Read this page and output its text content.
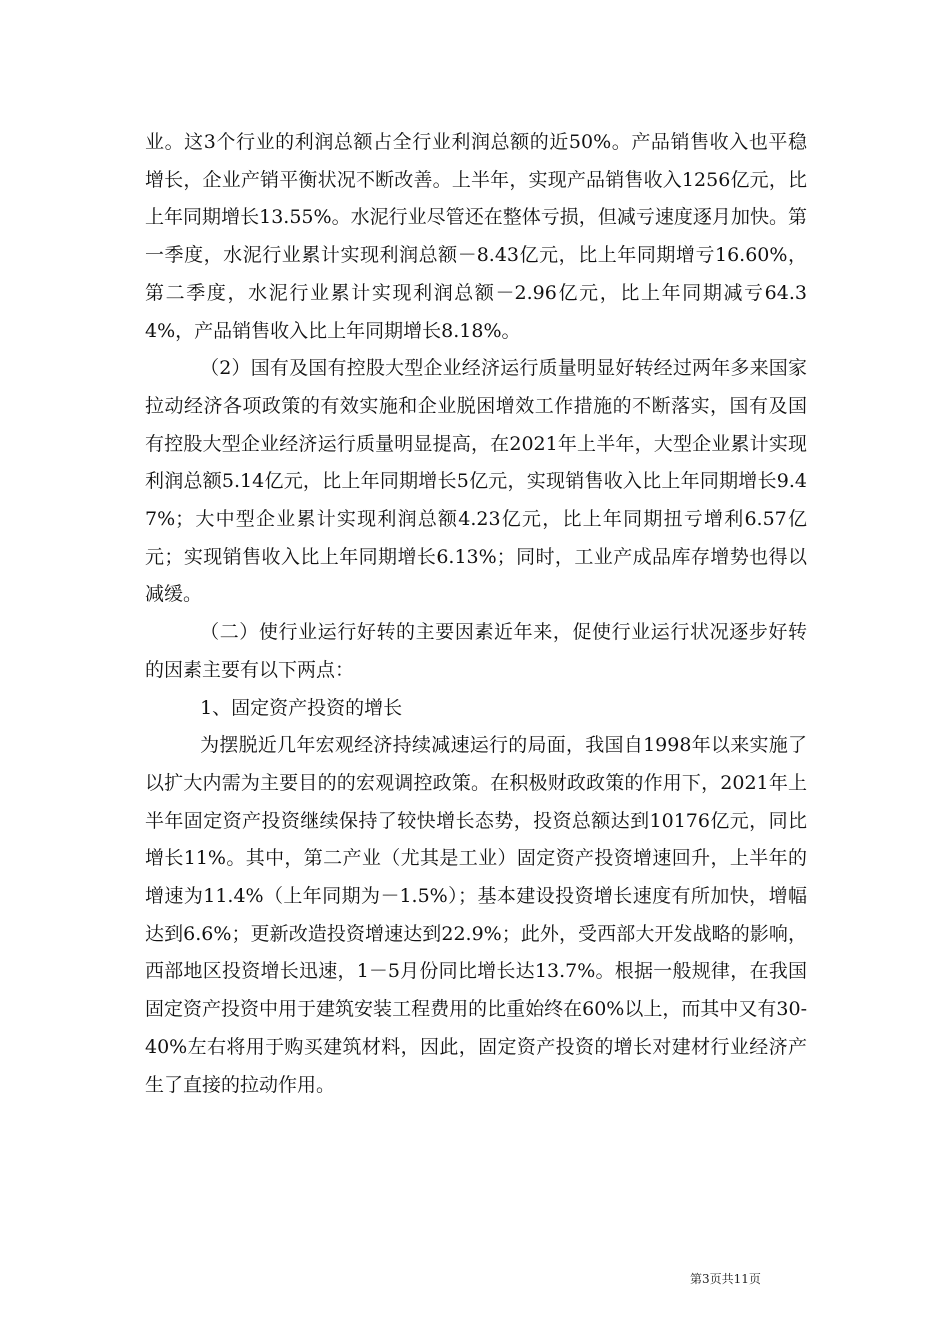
业。这3个行业的利润总额占全行业利润总额的近50%。产品销售收入也平稳增长，企业产销平衡状况不断改善。上半年，实现产品销售收入1256亿元，比上年同期增长13.55%。水泥行业尽管还在整体亏损，但减亏速度逐月加快。第一季度，水泥行业累计实现利润总额－8.43亿元，比上年同期增亏16.60%，第二季度，水泥行业累计实现利润总额－2.96亿元，比上年同期减亏64.34%，产品销售收入比上年同期增长8.18%。

（2）国有及国有控股大型企业经济运行质量明显好转经过两年多来国家拉动经济各项政策的有效实施和企业脱困增效工作措施的不断落实，国有及国有控股大型企业经济运行质量明显提高，在2021年上半年，大型企业累计实现利润总额5.14亿元，比上年同期增长5亿元，实现销售收入比上年同期增长9.47%；大中型企业累计实现利润总额4.23亿元，比上年同期扭亏增利6.57亿元；实现销售收入比上年同期增长6.13%；同时，工业产成品库存增势也得以减缓。

（二）使行业运行好转的主要因素近年来，促使行业运行状况逐步好转的因素主要有以下两点：

1、固定资产投资的增长

为摆脱近几年宏观经济持续减速运行的局面，我国自1998年以来实施了以扩大内需为主要目的的宏观调控政策。在积极财政政策的作用下，2021年上半年固定资产投资继续保持了较快增长态势，投资总额达到10176亿元，同比增长11%。其中，第二产业（尤其是工业）固定资产投资增速回升，上半年的增速为11.4%（上年同期为－1.5%）；基本建设投资增长速度有所加快，增幅达到6.6%；更新改造投资增速达到22.9%；此外，受西部大开发战略的影响，西部地区投资增长迅速，1－5月份同比增长达13.7%。根据一般规律，在我国固定资产投资中用于建筑安装工程费用的比重始终在60%以上，而其中又有30-40%左右将用于购买建筑材料，因此，固定资产投资的增长对建材行业经济产生了直接的拉动作用。

第3页共11页
